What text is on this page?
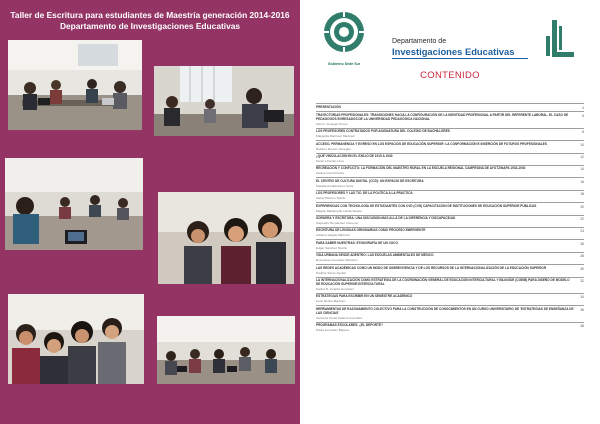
Taller de Escritura para estudiantes de Maestría generación 2014-2016
Departamento de Investigaciones Educativas
Gobierno Sede Sur
Departamento de
Investigaciones Educativas
CONTENIDO
PRESENTACIÓN	4
TRAYECTORIAS PROFESIONALES: TRANSICIONES HACIA LA CONFIGURACIÓN DE LA IDENTIDAD PROFESIONAL A PARTIR DEL REFERENTE LABORAL. EL CASO DE PEDAGOGOS EGRESADOS DE LA UNIVERSIDAD PEDAGÓGICA NACIONAL
Itzel A. Venegas Torres
6
LOS PROFESORES CONTRATADOS POR ASIGNATURA DEL COLEGIO DE BACHILLERES
Margarita Martínez Martínez
8
ACCESO, PERMANENCIA Y EGRESO EN LOS ESPACIOS DE EDUCACIÓN SUPERIOR: LA CONFORMACIÓN E INSERCIÓN DE FUTUROS PROFESIONALES
Roberto Ramón Venegas
10
¿QUÉ VINCULACIÓN EN EL EXILIO DE 1919 A 1940
Karen Lizarrán Lima
12
RECREACIÓN Y CONFLICTO: LA FORMACIÓN DEL MAESTRO RURAL EN LA ESCUELA REGIONAL CAMPESINA DE AYOTZINAPA 1933-1940
Karina Arcurti Flores
14
EL CENTRO DE CULTURA DIGITAL (CCD): UN ESPACIO DE ESCRITURA
Claudia Amalia Pérez Solís
16
LOS PROFESORES Y LAS TIC: DE LA POLÍTICA A LA PRÁCTICA
Isabel Moreno Toledo
18
EXPERIENCIAS CON TECNOLOGÍA DE ESTUDIANTES CON CVD (CVD) CAPACITACIÓN DE INSTITUCIONES DE EDUCACIÓN SUPERIOR PÚBLICAS
Magaly Maldonado Landa Suaste
20
SORDERA Y ESCRITURA: UNA DISCUSIÓN MÁS ALLÁ DE LA DIFERENCIA Y DISCAPACIDAD
Alejandro Hernández Cisneros
22
ESCRITURA DE LENGUAS ORIGINARIAS COMO PROCESO EMERGENTE
Adriana Vargas Martínez
24
PARA SABER NUESTRAS: ETNOGRAFÍA DE UN CUCO
Edgar Sánchez Murillo
26
VIDA URBANA DESDE ADENTRO: LAS ESCUELAS AMBIENTALES DE MÉXICO
Emmanuel González Martínez
28
LAS REDES ACADÉMICAS COMO UN MODO DE SOBREVIVENCIA Y DE LOS RECURSOS DE LA INTERNACIONALIZACIÓN DE LA EDUCACIÓN SUPERIOR
Paulina Torres Aguilar
30
LA INTERNACIONALIZACIÓN COMO ESTRATEGIA DE LA COORDINACIÓN GENERAL DE EDUCACIÓN INTERCULTURAL Y BILINGÜE (CGEIB) PARA DISEÑO DE MODELO DE EDUCACIÓN SUPERIOR INTERCULTURAL
Karina H. Lizarda González
32
ESTRATEGIAS PARA ESCRIBIR EN UN SEMESTRE ACADÉMICO
Cecil Nerina Martínez
34
HERRAMIENTAS DE RAZONAMIENTO COLECTIVO PARA LA CONSTRUCCIÓN DE CONOCIMIENTOS EN UN CURSO UNIVERSITARIO DE 'ESTRATEGIAS DE ENSEÑANZA DE LAS CIENCIAS'
Verónica Ismail Cabrieli González
36
PROGRAMAS ESCOLARES: ¿EL DEPORTE?
Paula González Béjares
38
